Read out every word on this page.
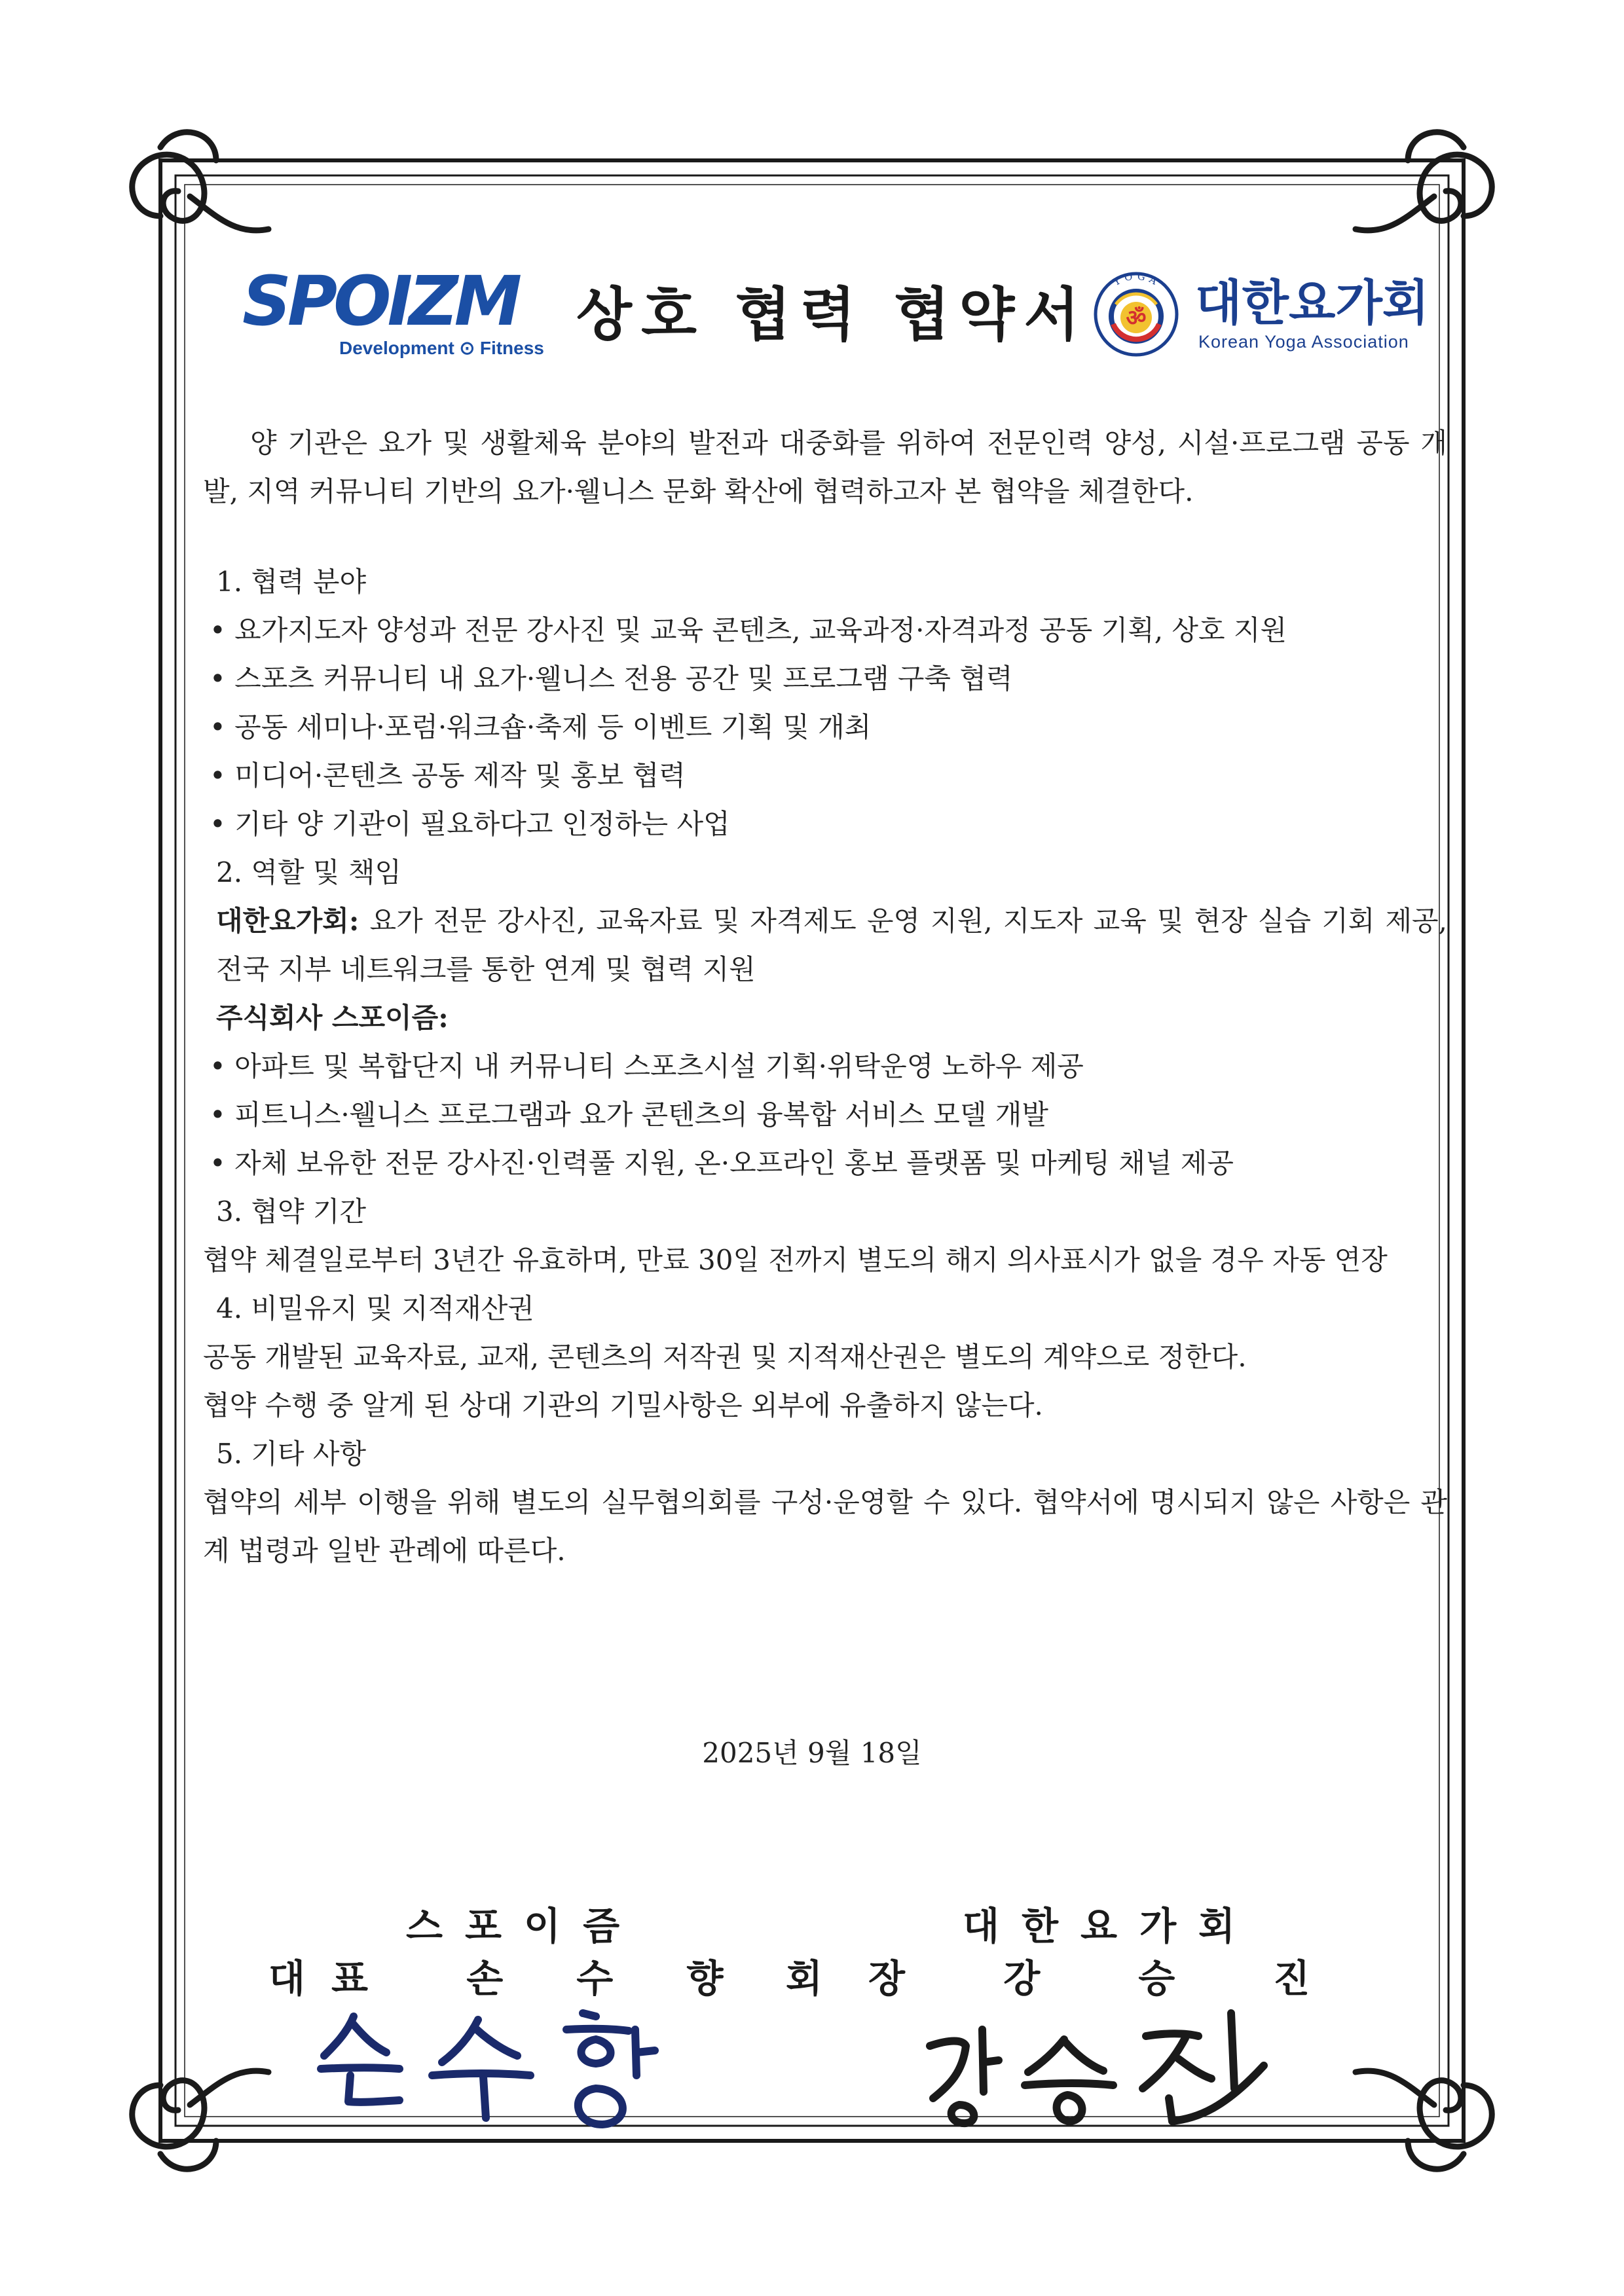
SPOIZM
Development ⊙ Fitness 상호 협력 협약서 ॐ
YOGA 대한요가회
Korean Yoga Association

양 기관은 요가 및 생활체육 분야의 발전과 대중화를 위하여 전문인력 양성, 시설·프로그램 공동 개발, 지역 커뮤니티 기반의 요가·웰니스 문화 확산에 협력하고자 본 협약을 체결한다.

1. 협력 분야

• 요가지도자 양성과 전문 강사진 및 교육 콘텐츠, 교육과정·자격과정 공동 기획, 상호 지원

• 스포츠 커뮤니티 내 요가·웰니스 전용 공간 및 프로그램 구축 협력

• 공동 세미나·포럼·워크숍·축제 등 이벤트 기획 및 개최

• 미디어·콘텐츠 공동 제작 및 홍보 협력

• 기타 양 기관이 필요하다고 인정하는 사업

2. 역할 및 책임

대한요가회: 요가 전문 강사진, 교육자료 및 자격제도 운영 지원, 지도자 교육 및 현장 실습 기회 제공, 전국 지부 네트워크를 통한 연계 및 협력 지원

주식회사 스포이즘:

• 아파트 및 복합단지 내 커뮤니티 스포츠시설 기획·위탁운영 노하우 제공

• 피트니스·웰니스 프로그램과 요가 콘텐츠의 융복합 서비스 모델 개발

• 자체 보유한 전문 강사진·인력풀 지원, 온·오프라인 홍보 플랫폼 및 마케팅 채널 제공

3. 협약 기간

협약 체결일로부터 3년간 유효하며, 만료 30일 전까지 별도의 해지 의사표시가 없을 경우 자동 연장

4. 비밀유지 및 지적재산권

공동 개발된 교육자료, 교재, 콘텐츠의 저작권 및 지적재산권은 별도의 계약으로 정한다.

협약 수행 중 알게 된 상대 기관의 기밀사항은 외부에 유출하지 않는다.

5. 기타 사항

협약의 세부 이행을 위해 별도의 실무협의회를 구성·운영할 수 있다. 협약서에 명시되지 않은 사항은 관계 법령과 일반 관례에 따른다.

2025년 9월 18일
스포이즘	대한요가회
대표 손수향
회장 강승진
